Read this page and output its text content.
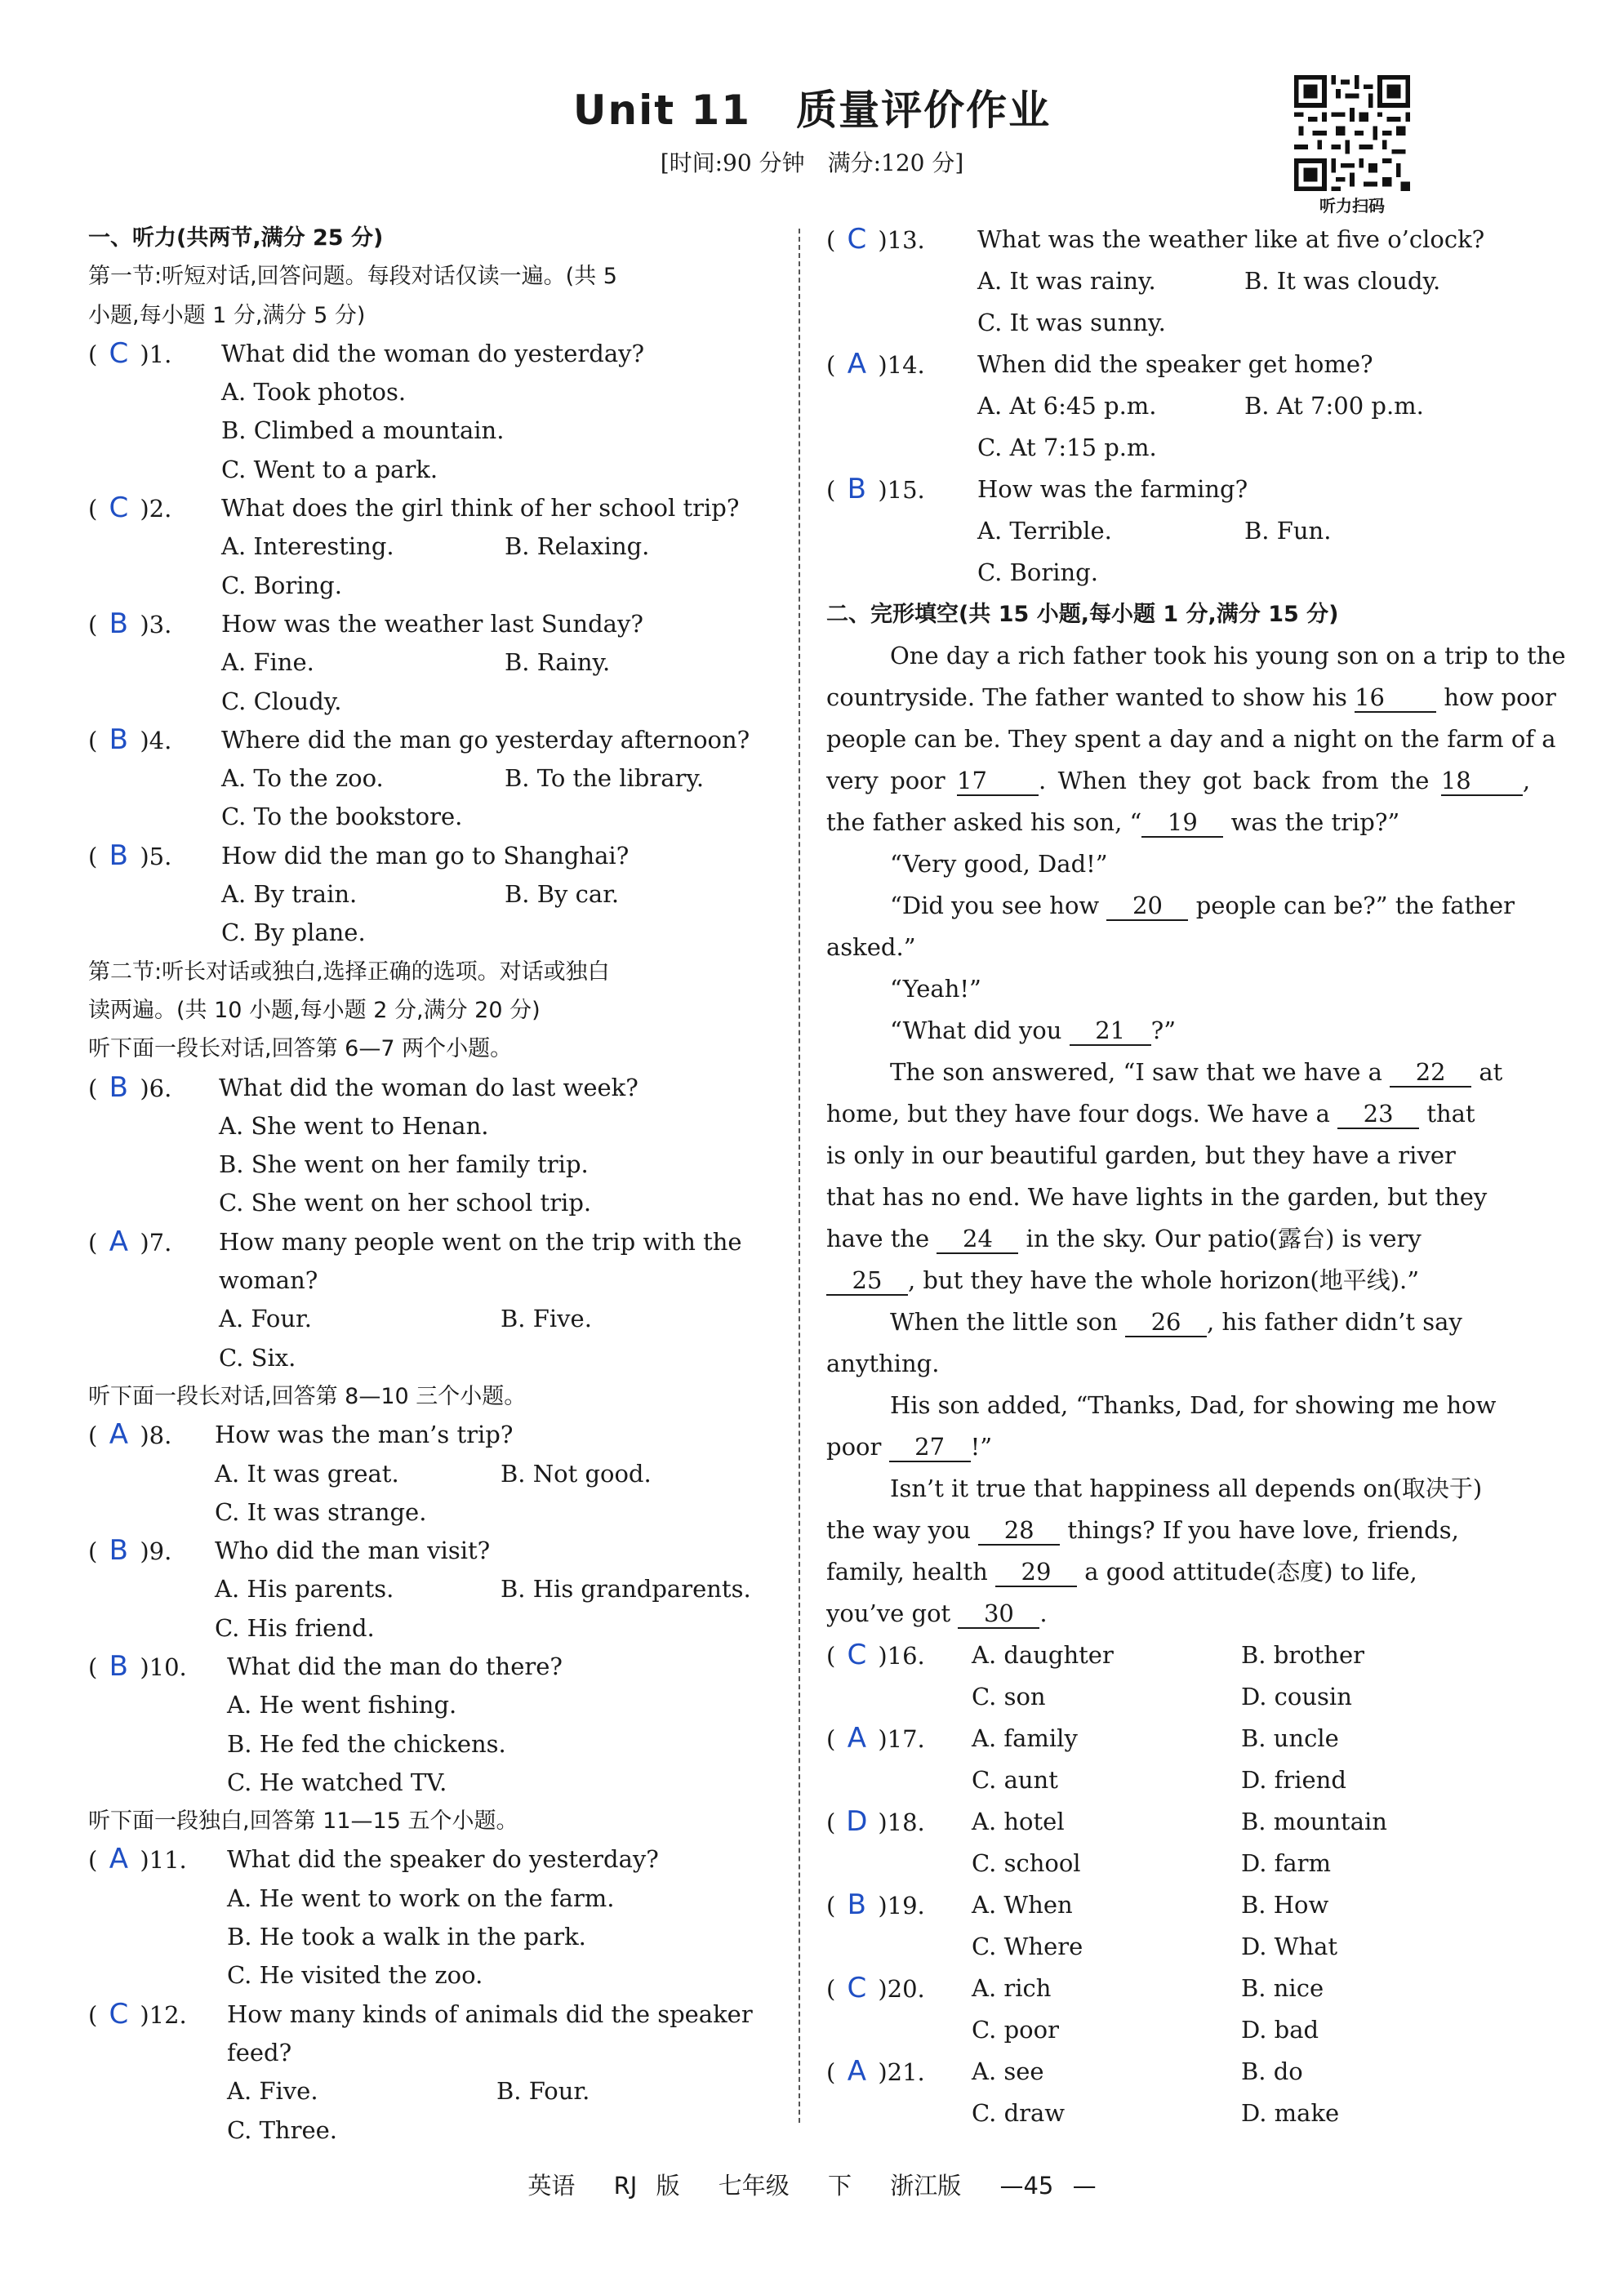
Unit 11 质量评价作业
[时间:90 分钟　满分:120 分]
听力扫码
一、听力(共两节,满分 25 分)
第一节:听短对话,回答问题。每段对话仅读一遍。(共 5
小题,每小题 1 分,满分 5 分)
( C )1. What did the woman do yesterday?
A. Took photos.
B. Climbed a mountain.
C. Went to a park.
( C )2. What does the girl think of her school trip?
A. Interesting.	B. Relaxing.
C. Boring.
( B )3. How was the weather last Sunday?
A. Fine.	B. Rainy.
C. Cloudy.
( B )4. Where did the man go yesterday afternoon?
A. To the zoo.	B. To the library.
C. To the bookstore.
( B )5. How did the man go to Shanghai?
A. By train.	B. By car.
C. By plane.
第二节:听长对话或独白,选择正确的选项。对话或独白
读两遍。(共 10 小题,每小题 2 分,满分 20 分)
听下面一段长对话,回答第 6—7 两个小题。
( B )6. What did the woman do last week?
A. She went to Henan.
B. She went on her family trip.
C. She went on her school trip.
( A )7. How many people went on the trip with the
woman?
A. Four.	B. Five.
C. Six.
听下面一段长对话,回答第 8—10 三个小题。
( A )8. How was the man’s trip?
A. It was great.	B. Not good.
C. It was strange.
( B )9. Who did the man visit?
A. His parents.	B. His grandparents.
C. His friend.
( B )10. What did the man do there?
A. He went fishing.
B. He fed the chickens.
C. He watched TV.
听下面一段独白,回答第 11—15 五个小题。
( A )11. What did the speaker do yesterday?
A. He went to work on the farm.
B. He took a walk in the park.
C. He visited the zoo.
( C )12. How many kinds of animals did the speaker
feed?
A. Five.	B. Four.
C. Three.
( C )13. What was the weather like at five o’clock?
A. It was rainy.	B. It was cloudy.
C. It was sunny.
( A )14. When did the speaker get home?
A. At 6:45 p.m.	B. At 7:00 p.m.
C. At 7:15 p.m.
( B )15. How was the farming?
A. Terrible.	B. Fun.
C. Boring.
二、完形填空(共 15 小题,每小题 1 分,满分 15 分)
One day a rich father took his young son on a trip to the
countryside. The father wanted to show his 16 how poor
people can be. They spent a day and a night on the farm of a
very poor 17 . When they got back from the 18 ,
the father asked his son, “ 19 was the trip?”
“Very good, Dad!”
“Did you see how 20 people can be?” the father
asked.”
“Yeah!”
“What did you 21 ?”
The son answered, “I saw that we have a 22 at
home, but they have four dogs. We have a 23 that
is only in our beautiful garden, but they have a river
that has no end. We have lights in the garden, but they
have the 24 in the sky. Our patio(露台) is very
25 , but they have the whole horizon(地平线).”
When the little son 26 , his father didn’t say
anything.
His son added, “Thanks, Dad, for showing me how
poor 27 !”
Isn’t it true that happiness all depends on(取决于)
the way you 28 things? If you have love, friends,
family, health 29 a good attitude(态度) to life,
you’ve got 30 .
( C )16. A. daughter	B. brother
C. son	D. cousin
( A )17. A. family	B. uncle
C. aunt	D. friend
( D )18. A. hotel	B. mountain
C. school	D. farm
( B )19. A. When	B. How
C. Where	D. What
( C )20. A. rich	B. nice
C. poor	D. bad
( A )21. A. see	B. do
C. draw	D. make
英语 RJ 版 七年级 下 浙江版 —45 —
